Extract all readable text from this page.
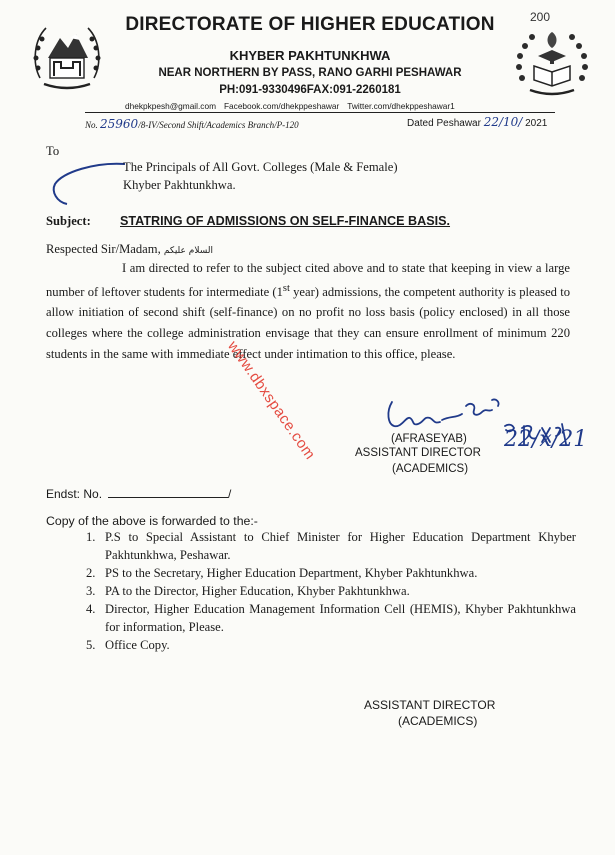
200
DIRECTORATE OF HIGHER EDUCATION
KHYBER PAKHTUNKHWA
NEAR NORTHERN BY PASS, RANO GARHI PESHAWAR
PH:091-9330496FAX:091-2260181
dhekpkpesh@gmail.com Facebook.com/dhekppeshawar Twitter.com/dhekppeshawar1
No. 25960/8-IV/Second Shift/Academics Branch/P-120	Dated Peshawar 22/10/ 2021
To
The Principals of All Govt. Colleges (Male & Female)
Khyber Pakhtunkhwa.
Subject: STATRING OF ADMISSIONS ON SELF-FINANCE BASIS.
Respected Sir/Madam, السلام علیکم
I am directed to refer to the subject cited above and to state that keeping in view a large number of leftover students for intermediate (1st year) admissions, the competent authority is pleased to allow initiation of second shift (self-finance) on no profit no loss basis (policy enclosed) in all those colleges where the college administration envisage that they can ensure enrollment of minimum 220 students in the same with immediate effect under intimation to this office, please.
22/x/21
(AFRASEYAB)
ASSISTANT DIRECTOR
(ACADEMICS)
Endst: No.	/
Copy of the above is forwarded to the:-
1. P.S to Special Assistant to Chief Minister for Higher Education Department Khyber Pakhtunkhwa, Peshawar.
2. PS to the Secretary, Higher Education Department, Khyber Pakhtunkhwa.
3. PA to the Director, Higher Education, Khyber Pakhtunkhwa.
4. Director, Higher Education Management Information Cell (HEMIS), Khyber Pakhtunkhwa for information, Please.
5. Office Copy.
ASSISTANT DIRECTOR
(ACADEMICS)
www.dbxspace.com
